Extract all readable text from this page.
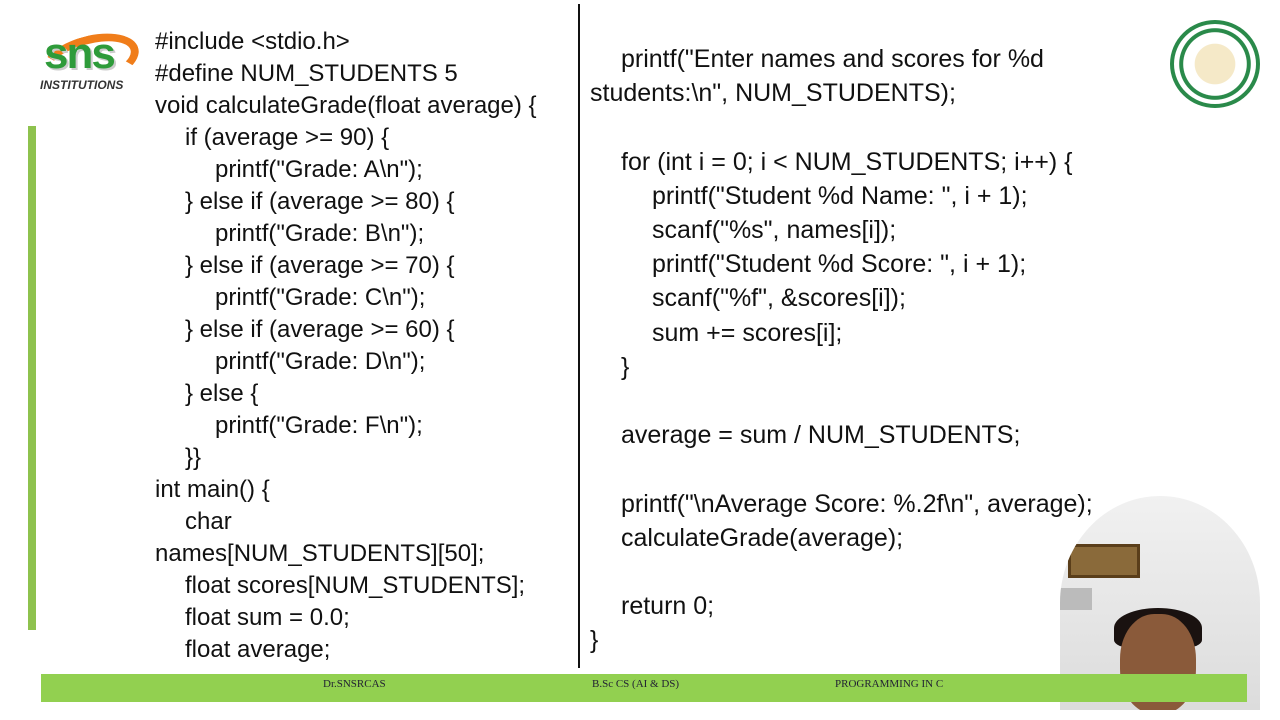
sns
INSTITUTIONS
#include <stdio.h>
#define NUM_STUDENTS 5
void calculateGrade(float average) {
if (average >= 90) {
printf("Grade: A\n");
} else if (average >= 80) {
printf("Grade: B\n");
} else if (average >= 70) {
printf("Grade: C\n");
} else if (average >= 60) {
printf("Grade: D\n");
} else {
printf("Grade: F\n");
}}
int main() {
char
names[NUM_STUDENTS][50];
float scores[NUM_STUDENTS];
float sum = 0.0;
float average;
printf("Enter names and scores for %d
students:\n", NUM_STUDENTS);
for (int i = 0; i < NUM_STUDENTS; i++) {
printf("Student %d Name: ", i + 1);
scanf("%s", names[i]);
printf("Student %d Score: ", i + 1);
scanf("%f", &scores[i]);
sum += scores[i];
}
average = sum / NUM_STUDENTS;
printf("\nAverage Score: %.2f\n", average);
calculateGrade(average);
return 0;
}
Dr.SNSRCAS	B.Sc CS (AI & DS)	PROGRAMMING IN C
